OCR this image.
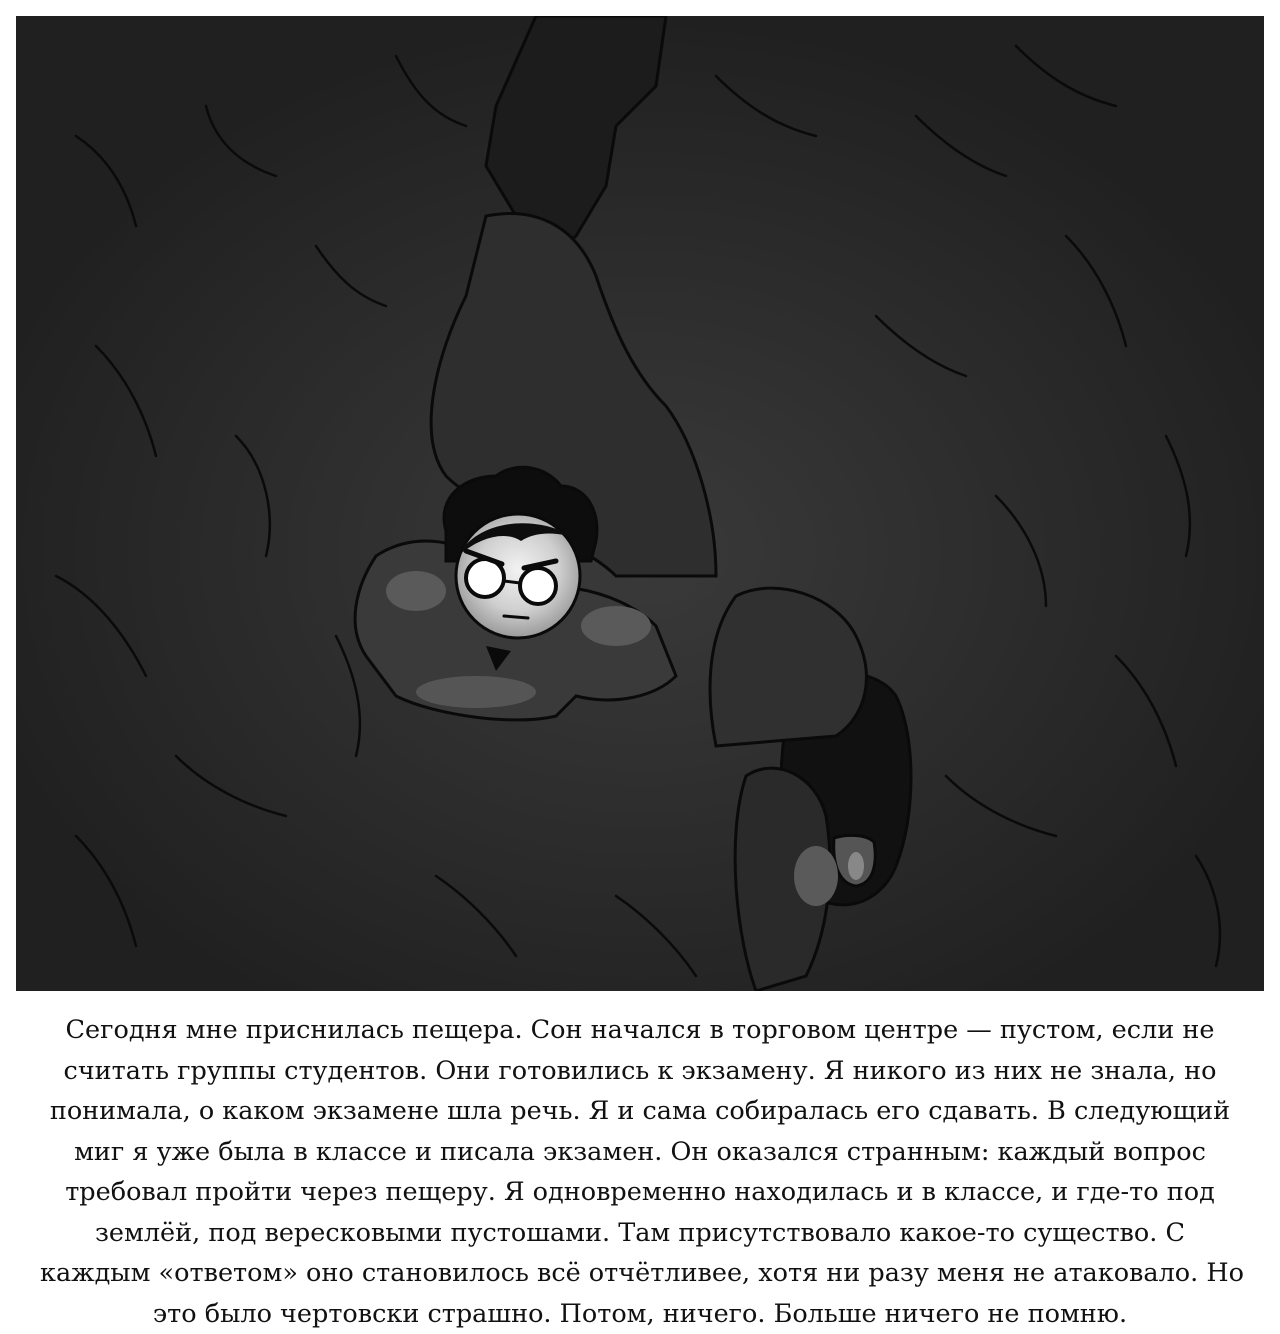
Сегодня мне приснилась пещера. Сон начался в торговом центре — пустом, если не
считать группы студентов. Они готовились к экзамену. Я никого из них не знала, но
понимала, о каком экзамене шла речь. Я и сама собиралась его сдавать. В следующий
миг я уже была в классе и писала экзамен. Он оказался странным: каждый вопрос
требовал пройти через пещеру. Я одновременно находилась и в классе, и где-то под
землёй, под вересковыми пустошами. Там присутствовало какое-то существо. С
каждым «ответом» оно становилось всё отчётливее, хотя ни разу меня не атаковало. Но
это было чертовски страшно. Потом, ничего. Больше ничего не помню.
